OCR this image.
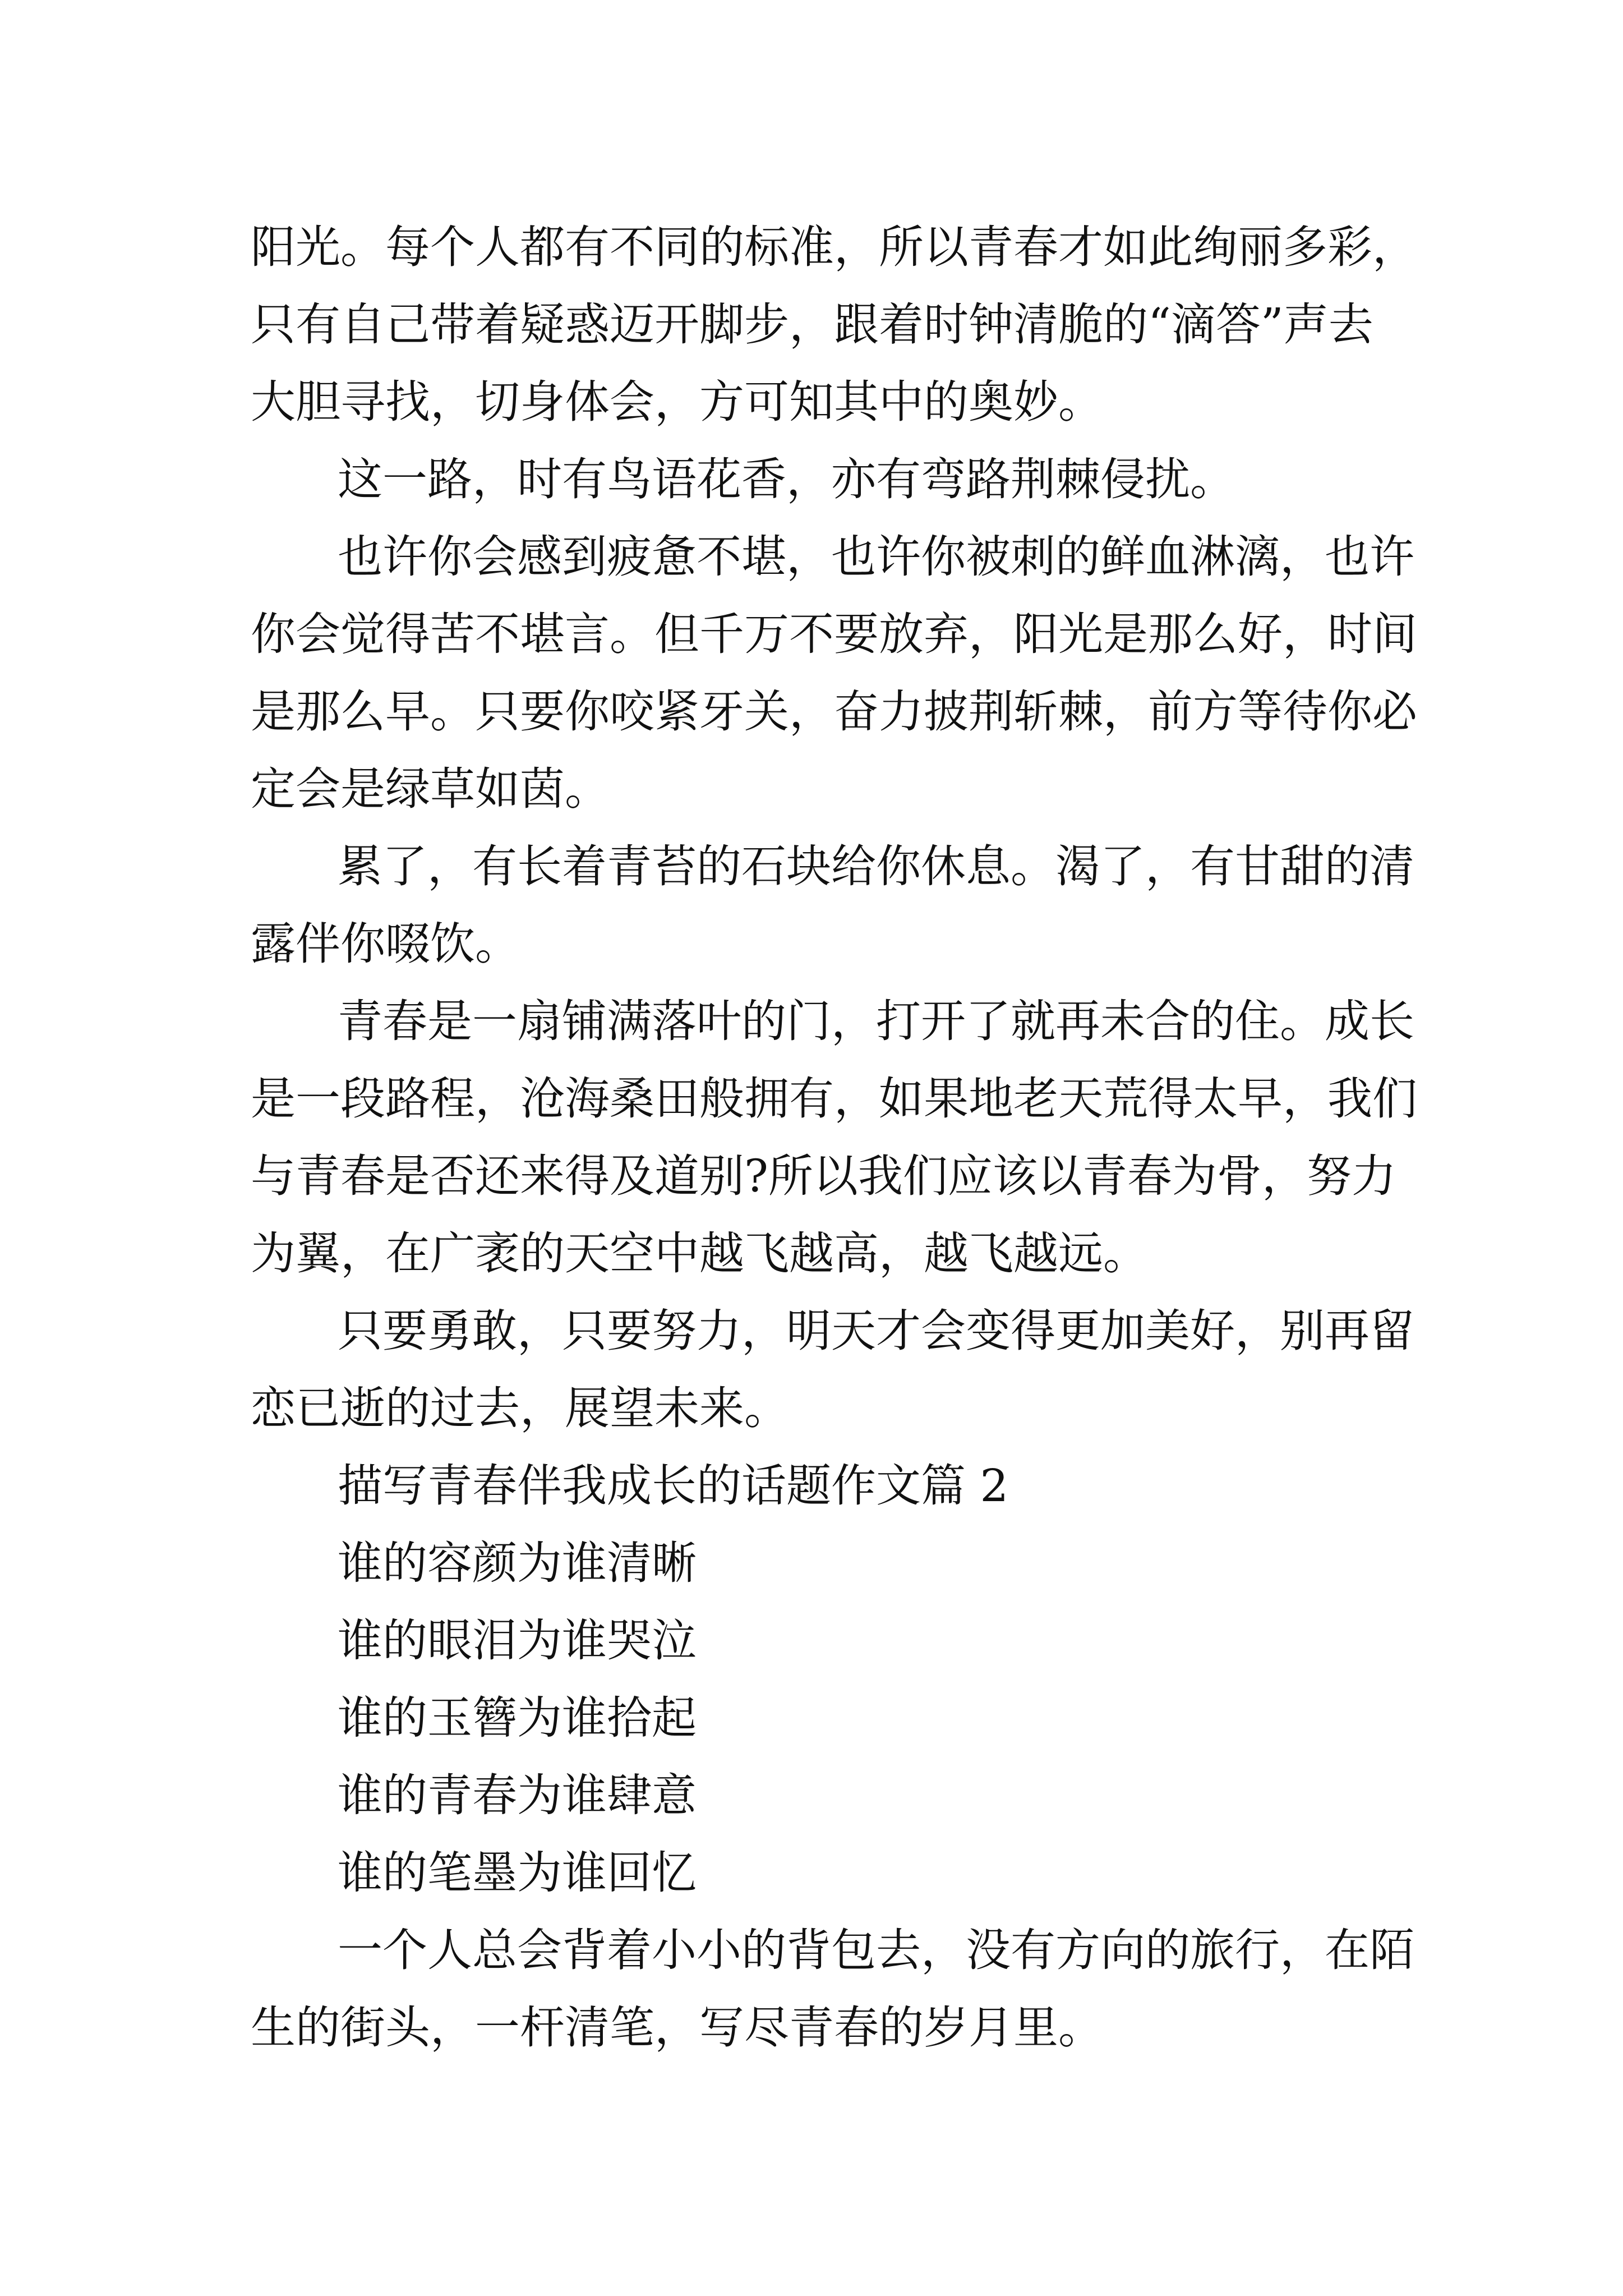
阳光。每个人都有不同的标准，所以青春才如此绚丽多彩，
只有自己带着疑惑迈开脚步，跟着时钟清脆的“滴答”声去
大胆寻找，切身体会，方可知其中的奥妙。
这一路，时有鸟语花香，亦有弯路荆棘侵扰。
也许你会感到疲惫不堪，也许你被刺的鲜血淋漓，也许
你会觉得苦不堪言。但千万不要放弃，阳光是那么好，时间
是那么早。只要你咬紧牙关，奋力披荆斩棘，前方等待你必
定会是绿草如茵。
累了，有长着青苔的石块给你休息。渴了，有甘甜的清
露伴你啜饮。
青春是一扇铺满落叶的门，打开了就再未合的住。成长
是一段路程，沧海桑田般拥有，如果地老天荒得太早，我们
与青春是否还来得及道别?所以我们应该以青春为骨，努力
为翼，在广袤的天空中越飞越高，越飞越远。
只要勇敢，只要努力，明天才会变得更加美好，别再留
恋已逝的过去，展望未来。
描写青春伴我成长的话题作文篇 2
谁的容颜为谁清晰
谁的眼泪为谁哭泣
谁的玉簪为谁拾起
谁的青春为谁肆意
谁的笔墨为谁回忆
一个人总会背着小小的背包去，没有方向的旅行，在陌
生的街头，一杆清笔，写尽青春的岁月里。
